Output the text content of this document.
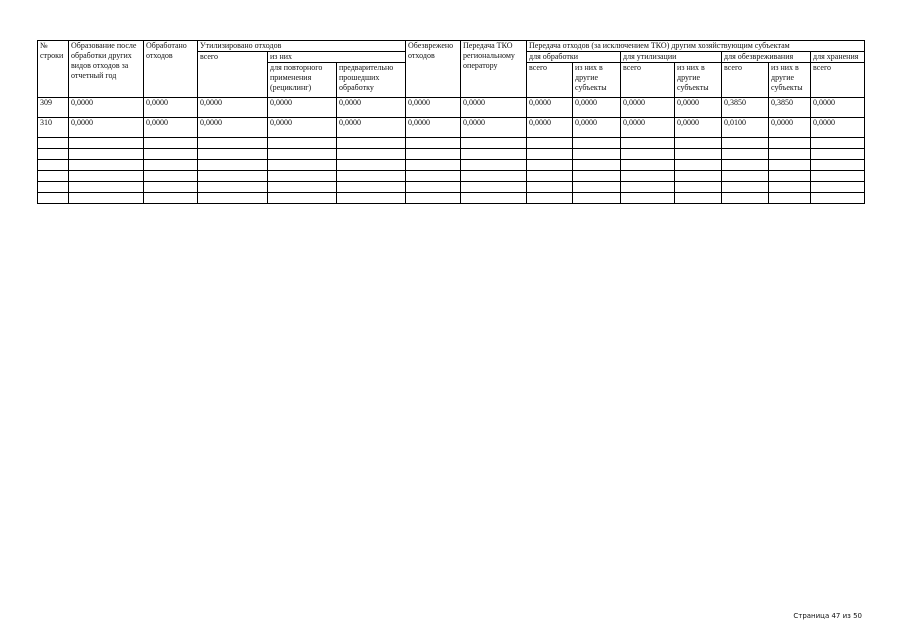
№ строки	Образование после обработки других видов отходов за отчетный год	Обработано отходов	Утилизировано отходов			Обезврежено отходов	Передача ТКО региональному оператору	Передача отходов (за исключением ТКО) другим хозяйствующим субъектам						
			всего	из них				для обработки		для утилизации		для обезвреживания		для хранения
				для повторного применения (рециклинг)	предварительно прошедших обработку			всего	из них в другие субъекты	всего	из них в другие субъекты	всего	из них в другие субъекты	всего
309	0,0000	0,0000	0,0000	0,0000	0,0000	0,0000	0,0000	0,0000	0,0000	0,0000	0,0000	0,3850	0,3850	0,0000
310	0,0000	0,0000	0,0000	0,0000	0,0000	0,0000	0,0000	0,0000	0,0000	0,0000	0,0000	0,0100	0,0000	0,0000

Страница 47 из 50
